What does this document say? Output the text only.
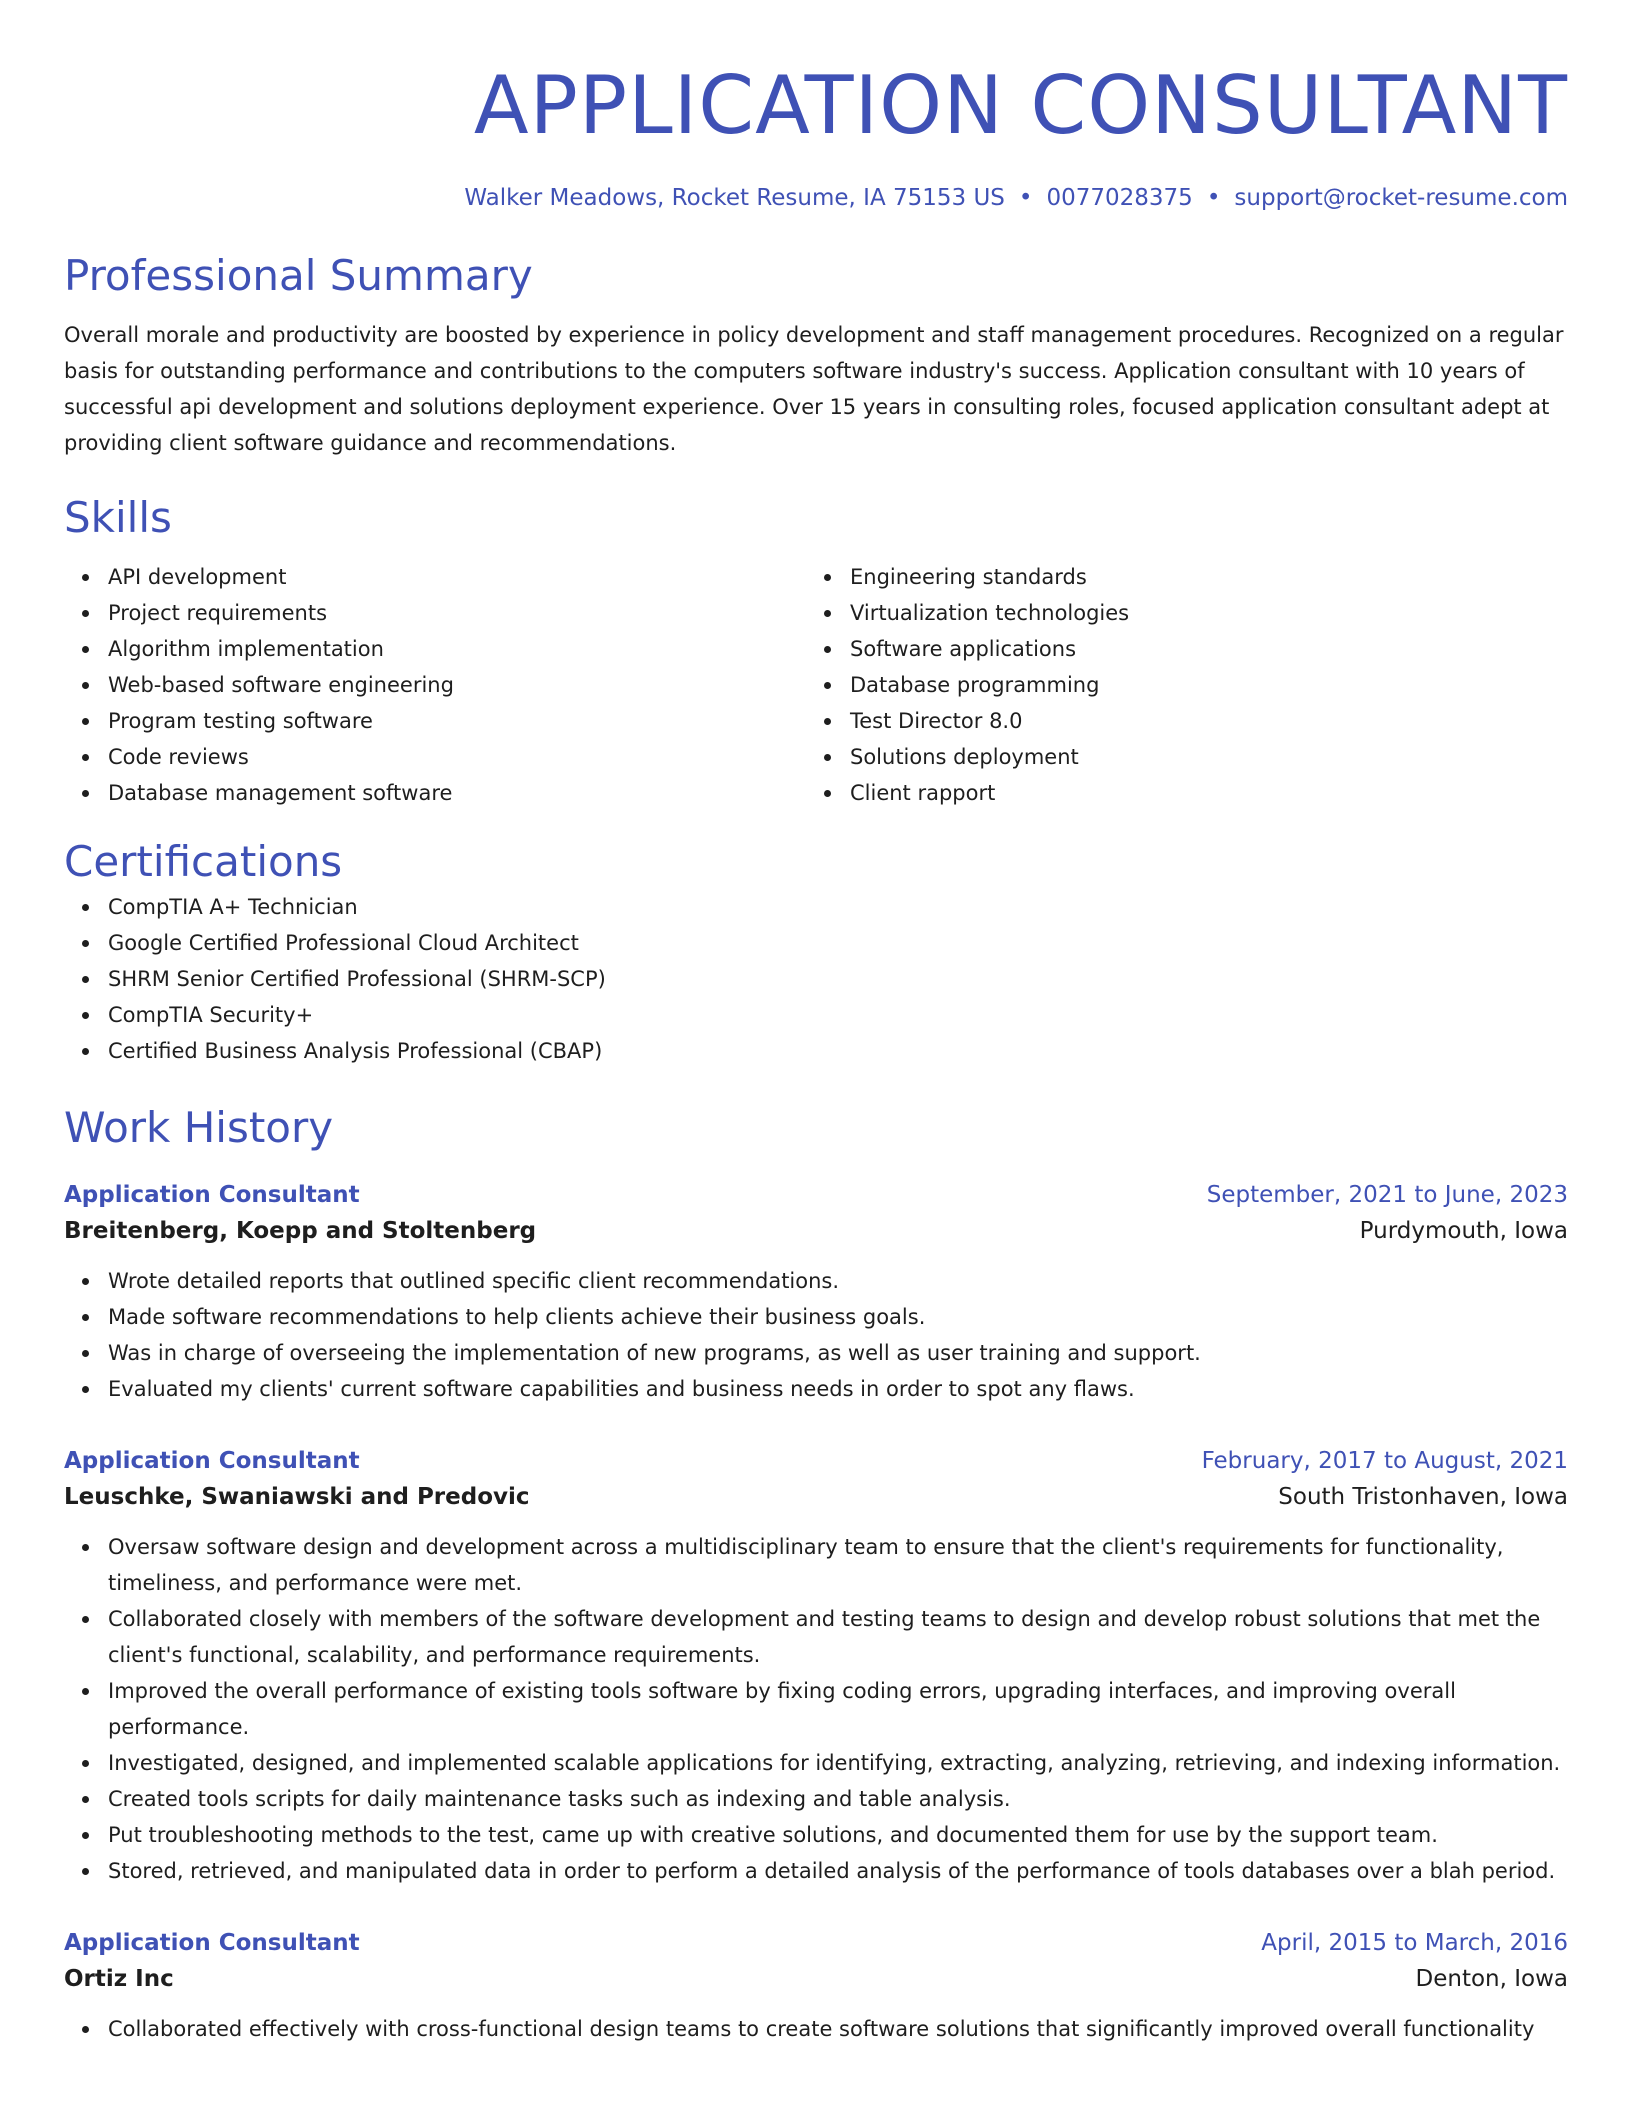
APPLICATION CONSULTANT
Walker Meadows, Rocket Resume, IA 75153 US • 0077028375 • support@rocket-resume.com
Professional Summary

Overall morale and productivity are boosted by experience in policy development and staff management procedures. Recognized on a regular basis for outstanding performance and contributions to the computers software industry's success. Application consultant with 10 years of successful api development and solutions deployment experience. Over 15 years in consulting roles, focused application consultant adept at providing client software guidance and recommendations.

Skills
API development
Project requirements
Algorithm implementation
Web-based software engineering
Program testing software
Code reviews
Database management software
Engineering standards
Virtualization technologies
Software applications
Database programming
Test Director 8.0
Solutions deployment
Client rapport
Certifications
CompTIA A+ Technician
Google Certified Professional Cloud Architect
SHRM Senior Certified Professional (SHRM-SCP)
CompTIA Security+
Certified Business Analysis Professional (CBAP)
Work History
Application Consultant	September, 2021 to June, 2023
Breitenberg, Koepp and Stoltenberg	Purdymouth, Iowa
Wrote detailed reports that outlined specific client recommendations.
Made software recommendations to help clients achieve their business goals.
Was in charge of overseeing the implementation of new programs, as well as user training and support.
Evaluated my clients' current software capabilities and business needs in order to spot any flaws.
Application Consultant	February, 2017 to August, 2021
Leuschke, Swaniawski and Predovic	South Tristonhaven, Iowa
Oversaw software design and development across a multidisciplinary team to ensure that the client's requirements for functionality, timeliness, and performance were met.
Collaborated closely with members of the software development and testing teams to design and develop robust solutions that met the client's functional, scalability, and performance requirements.
Improved the overall performance of existing tools software by fixing coding errors, upgrading interfaces, and improving overall performance.
Investigated, designed, and implemented scalable applications for identifying, extracting, analyzing, retrieving, and indexing information.
Created tools scripts for daily maintenance tasks such as indexing and table analysis.
Put troubleshooting methods to the test, came up with creative solutions, and documented them for use by the support team.
Stored, retrieved, and manipulated data in order to perform a detailed analysis of the performance of tools databases over a blah period.
Application Consultant	April, 2015 to March, 2016
Ortiz Inc	Denton, Iowa
Collaborated effectively with cross-functional design teams to create software solutions that significantly improved overall functionality
